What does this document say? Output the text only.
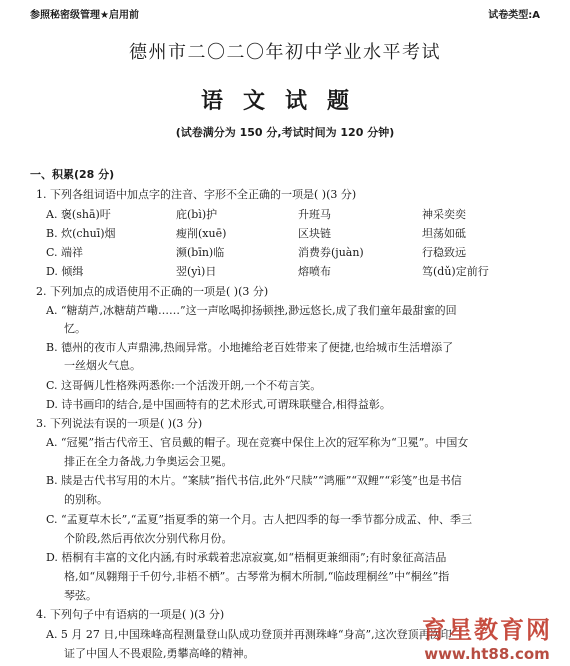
参照秘密级管理★启用前	试卷类型:A
德州市二〇二〇年初中学业水平考试
语文试题
(试卷满分为 150 分,考试时间为 120 分钟)
一、积累(28 分)
1. 下列各组词语中加点字的注音、字形不全正确的一项是( )(3 分)
A. 褒(shā)吁	庇(bì)护	升班马	神采奕奕
B. 炊(chuī)烟	瘦削(xuē)	区块链	坦荡如砥
C. 端祥	濒(bīn)临	消费券(juàn)	行稳致远
D. 倾缉	翌(yì)日	熔喷布	笃(dǔ)定前行
2. 下列加点的成语使用不正确的一项是( )(3 分)
A. “糖葫芦,冰糖葫芦嘞……”这一声吆喝抑扬顿挫,渺远悠长,成了我们童年最甜蜜的回
忆。
B. 德州的夜市人声鼎沸,热闹异常。小地摊给老百姓带来了便捷,也给城市生活增添了
一丝烟火气息。
C. 这哥俩儿性格殊两悉你:一个活泼开朗,一个不苟言笑。
D. 诗书画印的结合,是中国画特有的艺术形式,可谓珠联璧合,相得益彰。
3. 下列说法有误的一项是( )(3 分)
A. “冠冕”指古代帝王、官员戴的帽子。现在竞赛中保住上次的冠军称为“卫冕”。中国女
排正在全力备战,力争奥运会卫冕。
B. 牍是古代书写用的木片。“案牍”指代书信,此外“尺牍”“鸿雁”“双鲤”“彩笺”也是书信
的别称。
C. “孟夏草木长”,“孟夏”指夏季的第一个月。古人把四季的每一季节都分成孟、仲、季三
个阶段,然后再依次分别代称月份。
D. 梧桐有丰富的文化内涵,有时承载着悲凉寂寞,如“梧桐更兼细雨”;有时象征高洁品
格,如“凤翱翔于千仞兮,非梧不栖”。古琴常为桐木所制,“临歧理桐丝”中“桐丝”指
琴弦。
4. 下列句子中有语病的一项是( )(3 分)
A. 5 月 27 日,中国珠峰高程测量登山队成功登顶并再测珠峰“身高”,这次登顶再次印
证了中国人不畏艰险,勇攀高峰的精神。
育星教育网
www.ht88.com
